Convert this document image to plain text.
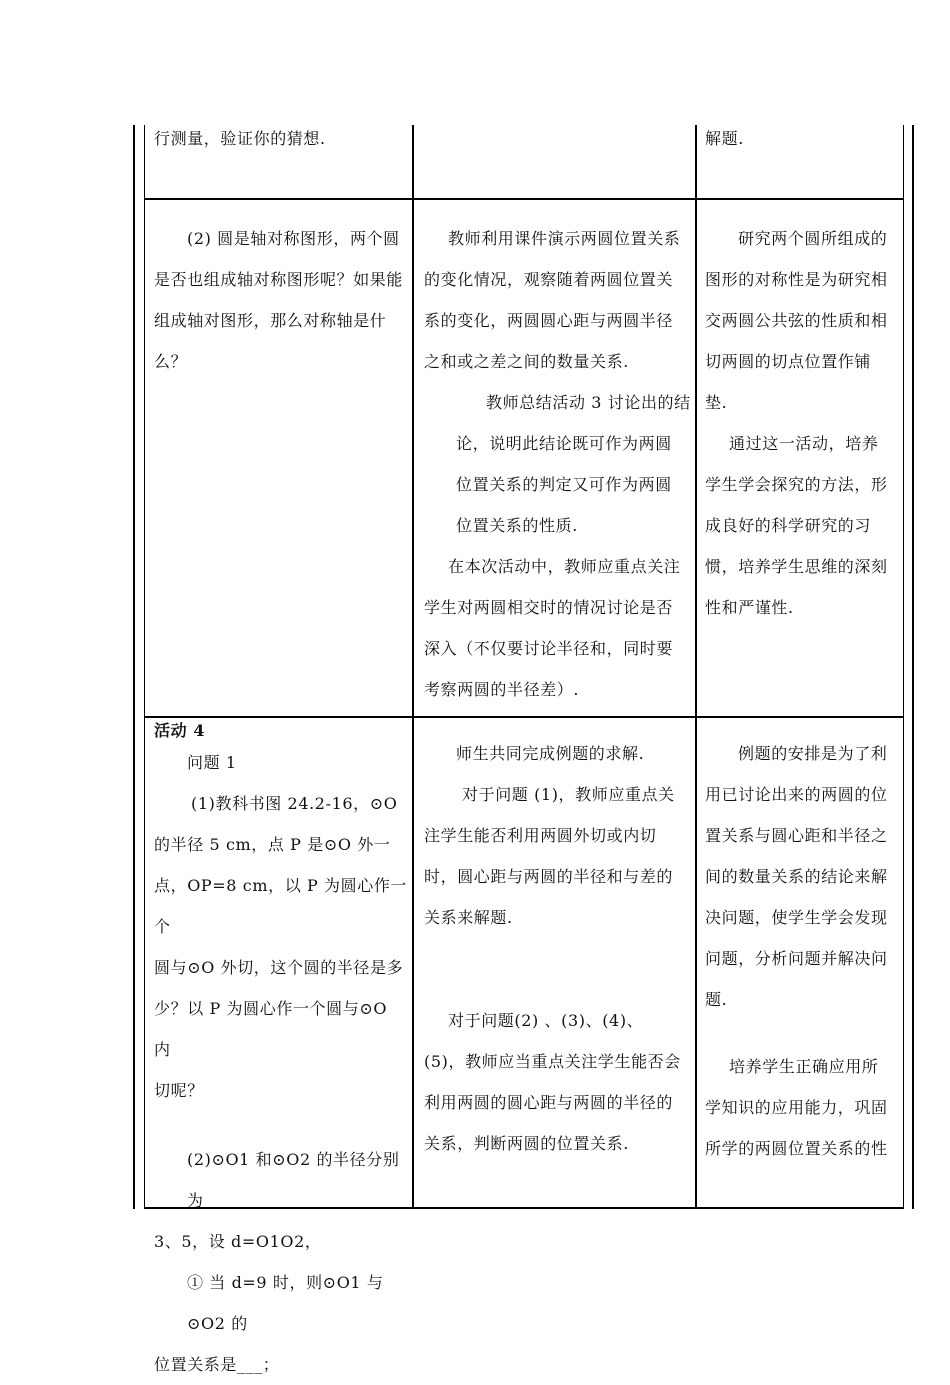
行测量，验证你的猜想.	解题.

(2) 圆是轴对称图形，两个圆

是否也组成轴对称图形呢？如果能

组成轴对图形，那么对称轴是什

么？

教师利用课件演示两圆位置关系

的变化情况，观察随着两圆位置关

系的变化，两圆圆心距与两圆半径

之和或之差之间的数量关系.

教师总结活动 3 讨论出的结

论，说明此结论既可作为两圆

位置关系的判定又可作为两圆

位置关系的性质.

在本次活动中，教师应重点关注

学生对两圆相交时的情况讨论是否

深入（不仅要讨论半径和，同时要

考察两圆的半径差）.

研究两个圆所组成的

图形的对称性是为研究相

交两圆公共弦的性质和相

切两圆的切点位置作铺

垫.

通过这一活动，培养

学生学会探究的方法，形

成良好的科学研究的习

惯，培养学生思维的深刻

性和严谨性.

活动 4

问题 1

(1)教科书图 24.2-16，⊙O

的半径 5 cm，点 P 是⊙O 外一

点，OP=8 cm，以 P 为圆心作一个

圆与⊙O 外切，这个圆的半径是多

少？以 P 为圆心作一个圆与⊙O 内

切呢？

(2)⊙O1 和⊙O2 的半径分别为

3、5，设 d=O1O2，

① 当 d=9 时，则⊙O1 与⊙O2 的

位置关系是___；

师生共同完成例题的求解.

对于问题 (1)，教师应重点关

注学生能否利用两圆外切或内切

时，圆心距与两圆的半径和与差的

关系来解题.

对于问题(2) 、(3)、(4)、

(5)，教师应当重点关注学生能否会

利用两圆的圆心距与两圆的半径的

关系，判断两圆的位置关系.

例题的安排是为了利

用已讨论出来的两圆的位

置关系与圆心距和半径之

间的数量关系的结论来解

决问题，使学生学会发现

问题，分析问题并解决问

题.

培养学生正确应用所

学知识的应用能力，巩固

所学的两圆位置关系的性
